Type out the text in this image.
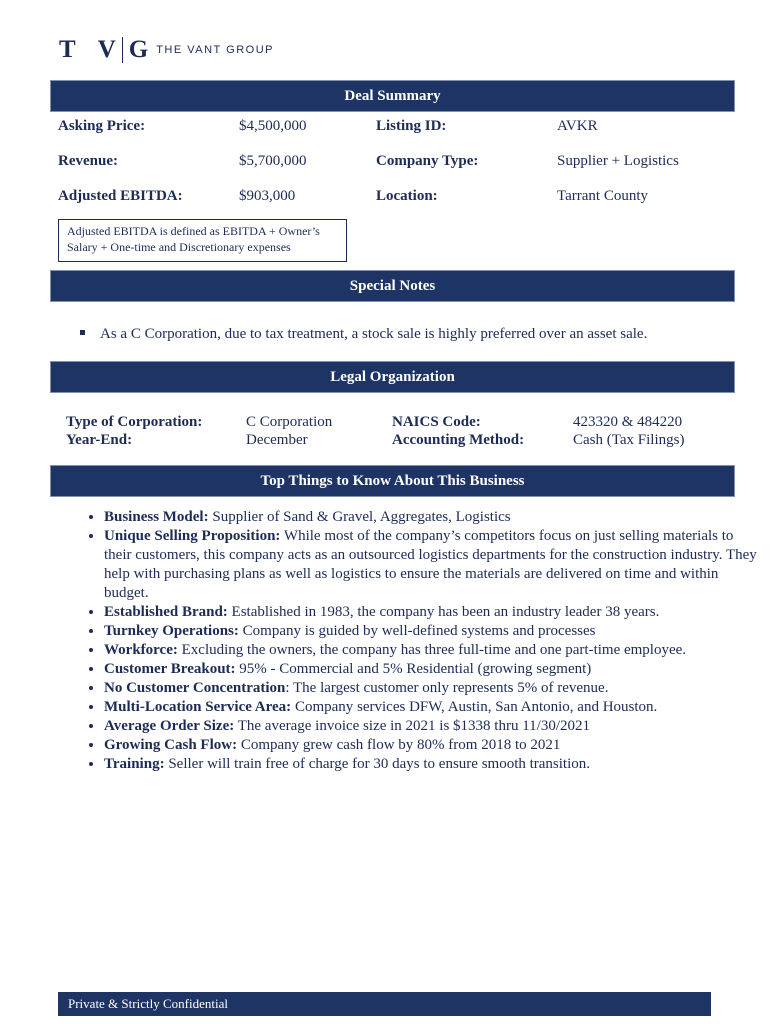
T V G THE VANT GROUP
Deal Summary
Asking Price:	$4,500,000	Listing ID:	AVKR
Revenue:	$5,700,000	Company Type:	Supplier + Logistics
Adjusted EBITDA:	$903,000	Location:	Tarrant County
Adjusted EBITDA is defined as EBITDA + Owner’s Salary + One-time and Discretionary expenses
Special Notes
As a C Corporation, due to tax treatment, a stock sale is highly preferred over an asset sale.
Legal Organization
Type of Corporation:	C Corporation	NAICS Code:	423320 & 484220
Year-End:	December	Accounting Method:	Cash (Tax Filings)
Top Things to Know About This Business
• Business Model: Supplier of Sand & Gravel, Aggregates, Logistics
• Unique Selling Proposition: While most of the company’s competitors focus on just selling materials to their customers, this company acts as an outsourced logistics departments for the construction industry. They help with purchasing plans as well as logistics to ensure the materials are delivered on time and within budget.
• Established Brand: Established in 1983, the company has been an industry leader 38 years.
• Turnkey Operations: Company is guided by well-defined systems and processes
• Workforce: Excluding the owners, the company has three full-time and one part-time employee.
• Customer Breakout: 95% - Commercial and 5% Residential (growing segment)
• No Customer Concentration: The largest customer only represents 5% of revenue.
• Multi-Location Service Area: Company services DFW, Austin, San Antonio, and Houston.
• Average Order Size: The average invoice size in 2021 is $1338 thru 11/30/2021
• Growing Cash Flow: Company grew cash flow by 80% from 2018 to 2021
• Training: Seller will train free of charge for 30 days to ensure smooth transition.
Private & Strictly Confidential
